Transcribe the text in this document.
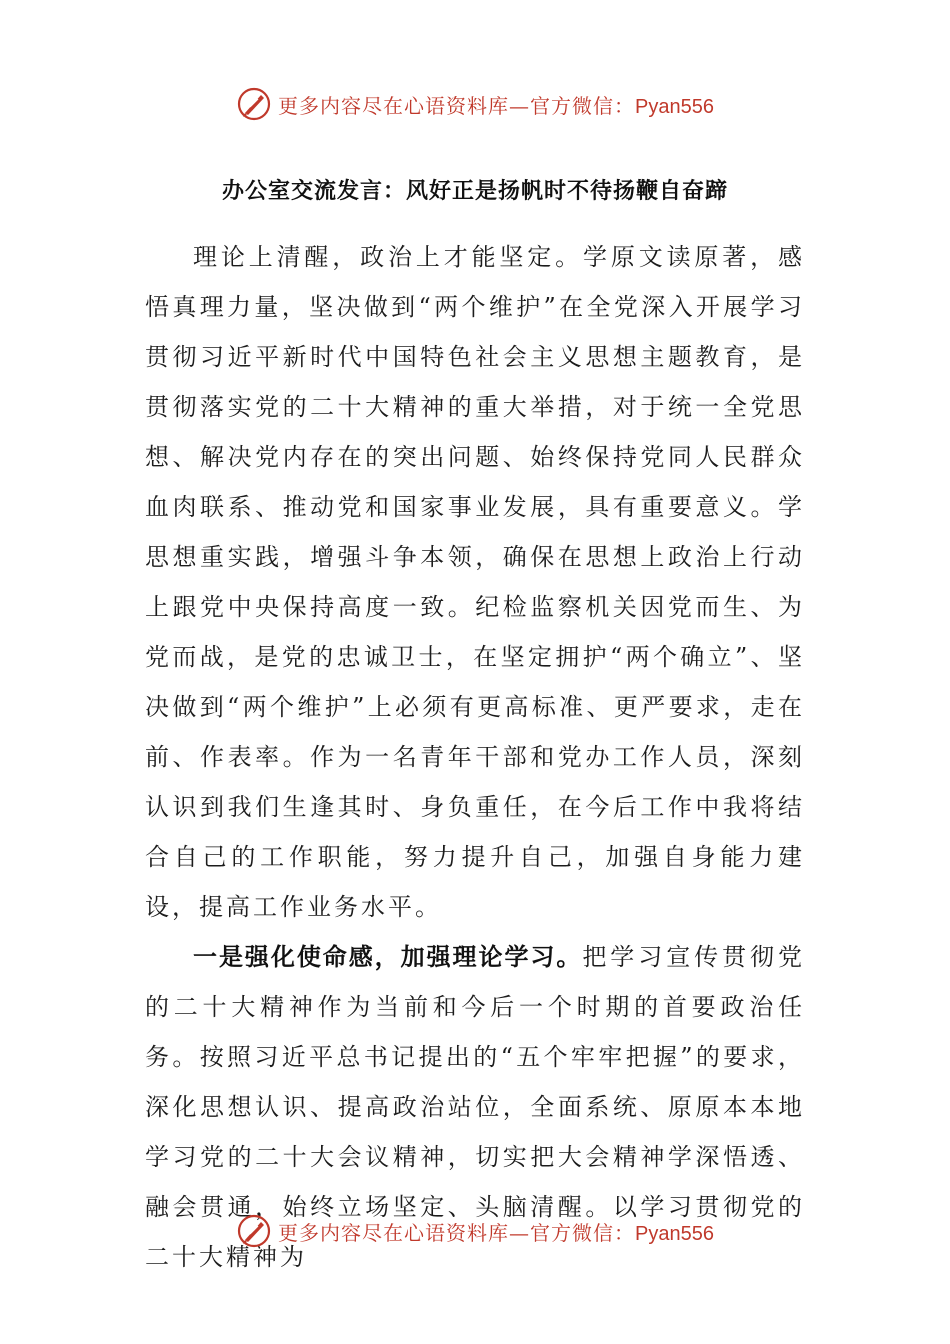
更多内容尽在心语资料库—官方微信：Pyan556
办公室交流发言：风好正是扬帆时不待扬鞭自奋蹄

理论上清醒，政治上才能坚定。学原文读原著，感悟真理力量，坚决做到“两个维护”在全党深入开展学习贯彻习近平新时代中国特色社会主义思想主题教育，是贯彻落实党的二十大精神的重大举措，对于统一全党思想、解决党内存在的突出问题、始终保持党同人民群众血肉联系、推动党和国家事业发展，具有重要意义。学思想重实践，增强斗争本领，确保在思想上政治上行动上跟党中央保持高度一致。纪检监察机关因党而生、为党而战，是党的忠诚卫士，在坚定拥护“两个确立”、坚决做到“两个维护”上必须有更高标准、更严要求，走在前、作表率。作为一名青年干部和党办工作人员，深刻认识到我们生逢其时、身负重任，在今后工作中我将结合自己的工作职能，努力提升自己，加强自身能力建设，提高工作业务水平。

一是强化使命感，加强理论学习。把学习宣传贯彻党的二十大精神作为当前和今后一个时期的首要政治任务。按照习近平总书记提出的“五个牢牢把握”的要求，深化思想认识、提高政治站位，全面系统、原原本本地学习党的二十大会议精神，切实把大会精神学深悟透、融会贯通，始终立场坚定、头脑清醒。以学习贯彻党的二十大精神为

更多内容尽在心语资料库—官方微信：Pyan556
